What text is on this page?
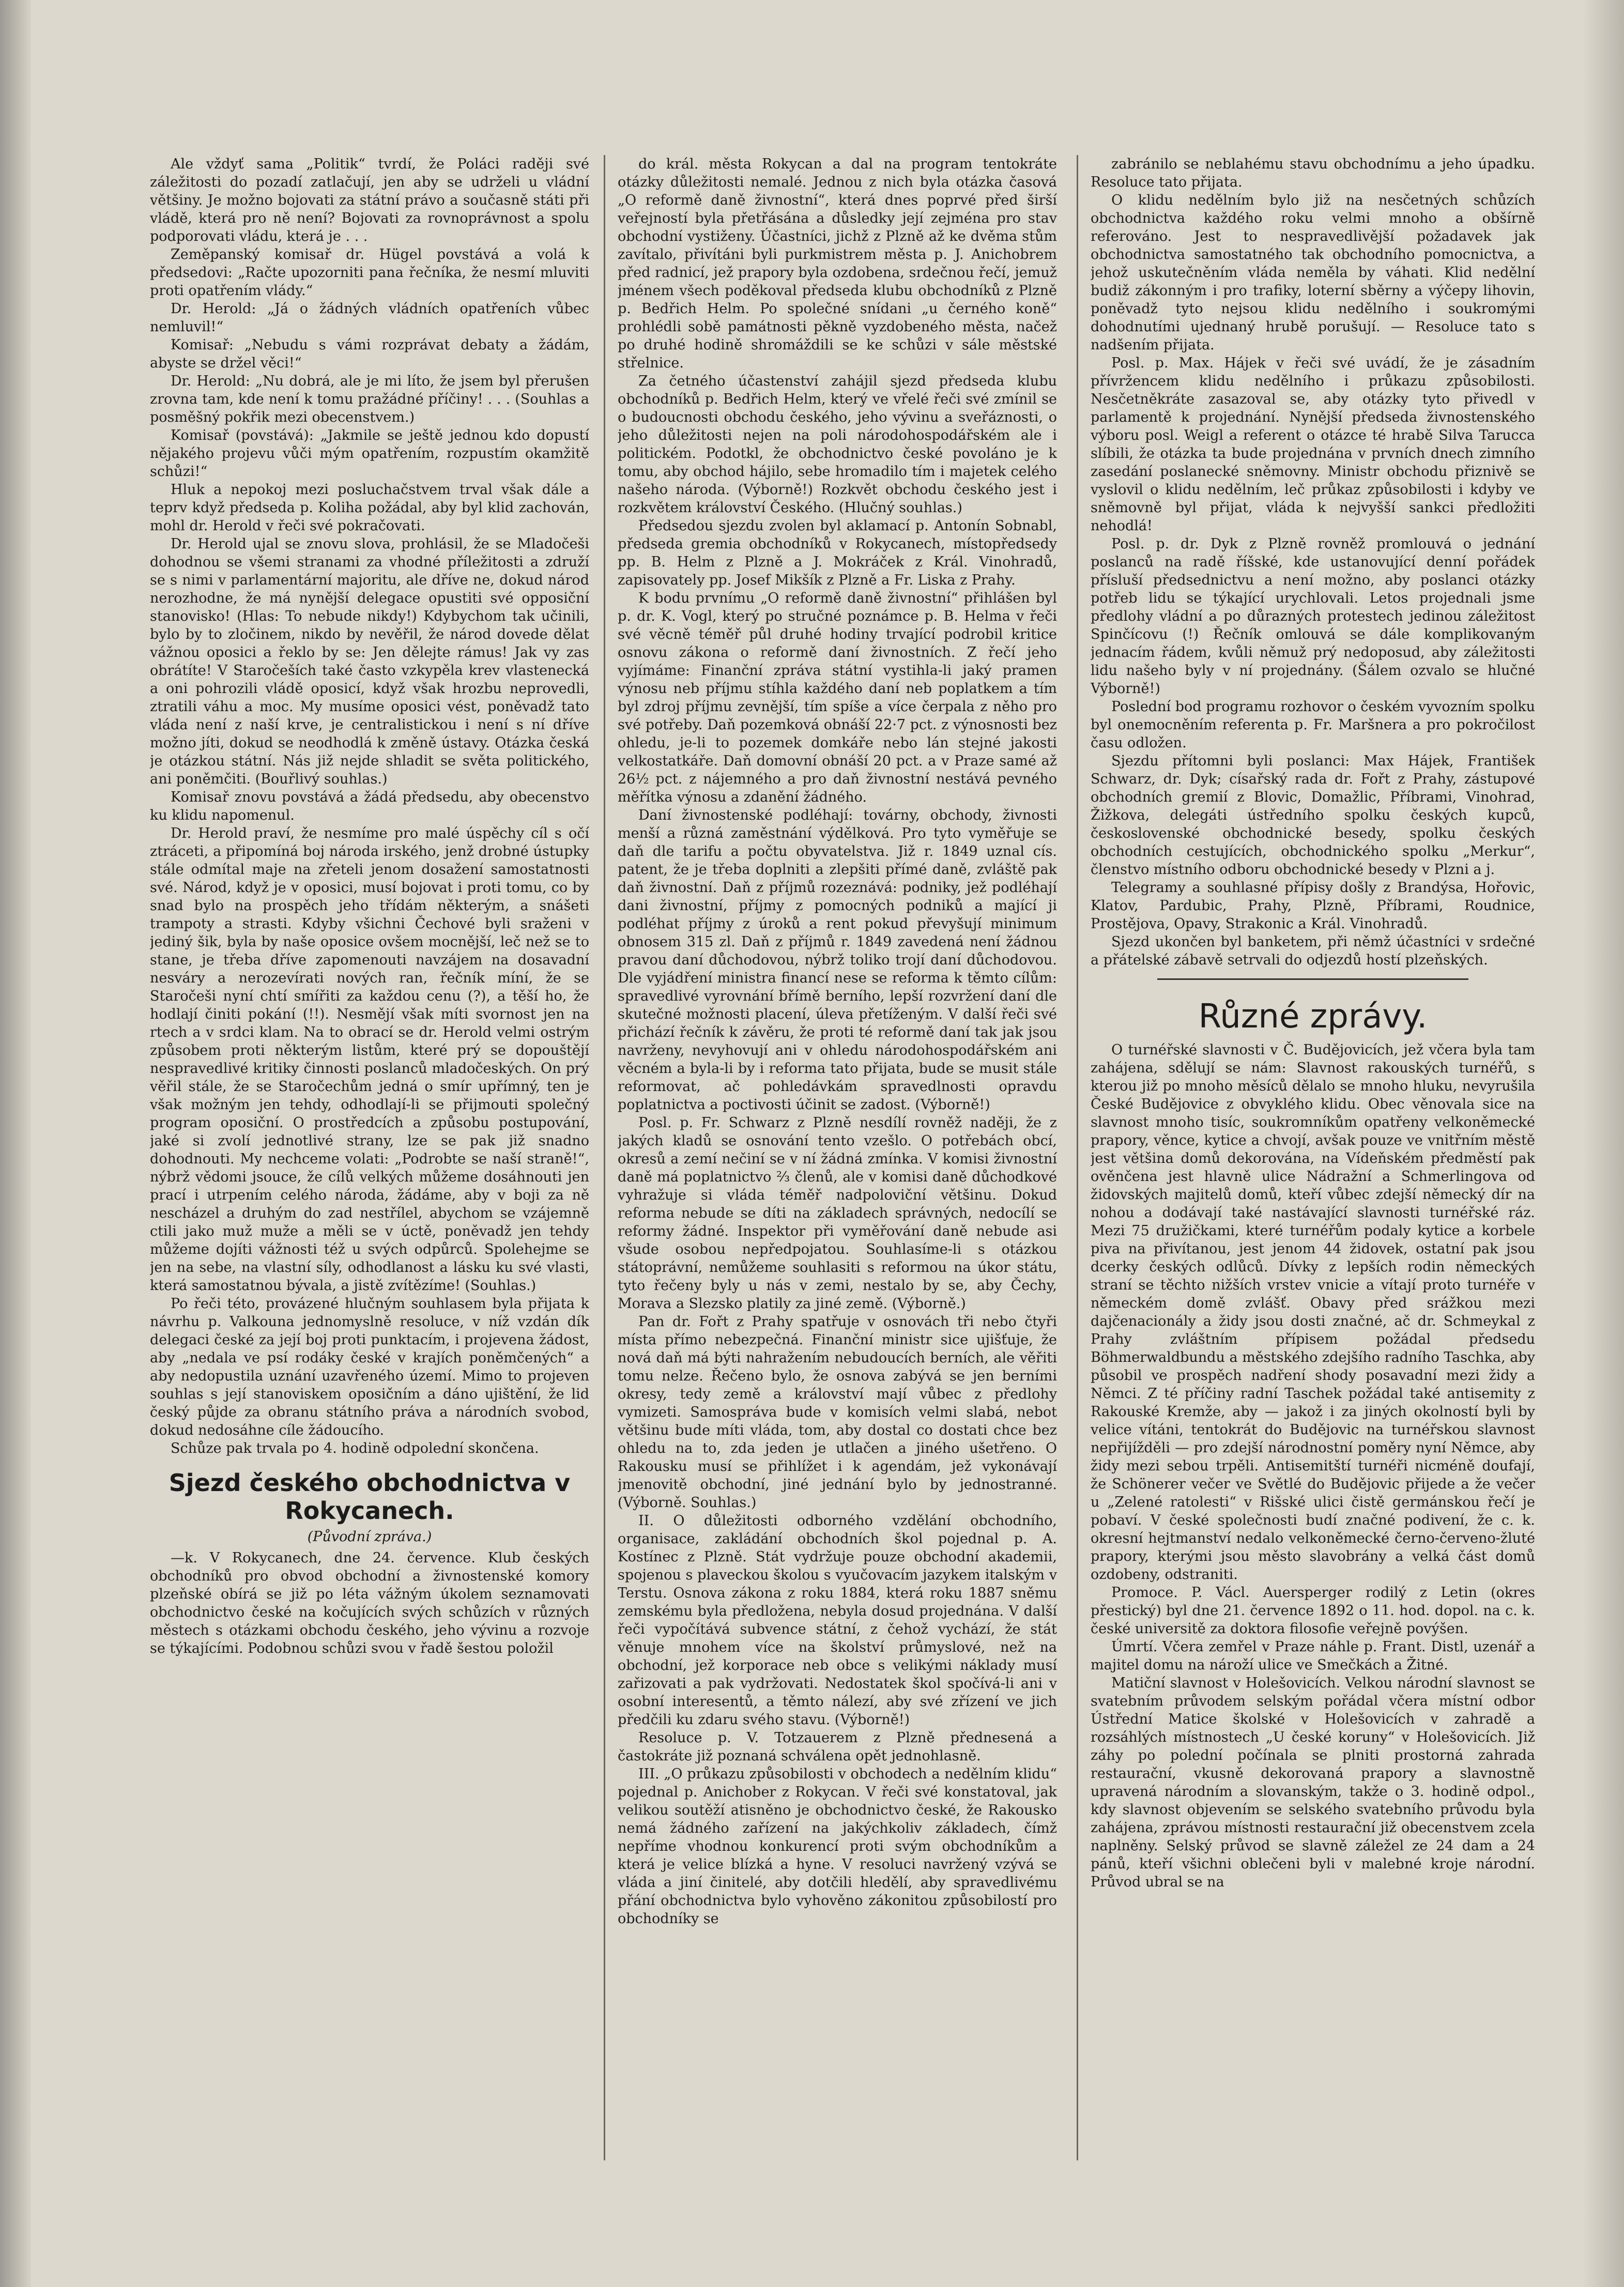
Ale vždyť sama „Politik“ tvrdí, že Poláci raději své záležitosti do pozadí zatlačují, jen aby se udrželi u vládní většiny. Je možno bojovati za státní právo a současně státi při vládě, která pro ně není? Bojovati za rovnoprávnost a spolu podporovati vládu, která je . . .

Zeměpanský komisař dr. Hügel povstává a volá k předsedovi: „Račte upozorniti pana řečníka, že nesmí mluviti proti opatřením vlády.“

Dr. Herold: „Já o žádných vládních opatřeních vůbec nemluvil!“

Komisař: „Nebudu s vámi rozprávat debaty a žádám, abyste se držel věci!“

Dr. Herold: „Nu dobrá, ale je mi líto, že jsem byl přerušen zrovna tam, kde není k tomu pražádné příčiny! . . . (Souhlas a posměšný pokřik mezi obecenstvem.)

Komisař (povstává): „Jakmile se ještě jednou kdo dopustí nějakého projevu vůči mým opatřením, rozpustím okamžitě schůzi!“

Hluk a nepokoj mezi posluchačstvem trval však dále a teprv když předseda p. Koliha požádal, aby byl klid zachován, mohl dr. Herold v řeči své pokračovati.

Dr. Herold ujal se znovu slova, prohlásil, že se Mladočeši dohodnou se všemi stranami za vhodné příležitosti a združí se s nimi v parlamentární majoritu, ale dříve ne, dokud národ nerozhodne, že má nynější delegace opustiti své opposiční stanovisko! (Hlas: To nebude nikdy!) Kdybychom tak učinili, bylo by to zločinem, nikdo by nevěřil, že národ dovede dělat vážnou oposici a řeklo by se: Jen dělejte rámus! Jak vy zas obrátíte! V Staročeších také často vzkypěla krev vlastenecká a oni pohrozili vládě oposicí, když však hrozbu neprovedli, ztratili váhu a moc. My musíme oposici vést, poněvadž tato vláda není z naší krve, je centralistickou i není s ní dříve možno jíti, dokud se neodhodlá k změně ústavy. Otázka česká je otázkou státní. Nás již nejde shladit se světa politického, ani poněmčiti. (Bouřlivý souhlas.)

Komisař znovu povstává a žádá předsedu, aby obecenstvo ku klidu napomenul.

Dr. Herold praví, že nesmíme pro malé úspěchy cíl s očí ztráceti, a připomíná boj národa irského, jenž drobné ústupky stále odmítal maje na zřeteli jenom dosažení samostatnosti své. Národ, když je v oposici, musí bojovat i proti tomu, co by snad bylo na prospěch jeho třídám některým, a snášeti trampoty a strasti. Kdyby všichni Čechové byli sraženi v jediný šik, byla by naše oposice ovšem mocnější, leč než se to stane, je třeba dříve zapomenouti navzájem na dosavadní nesváry a nerozevírati nových ran, řečník míní, že se Staročeši nyní chtí smířiti za každou cenu (?), a těší ho, že hodlají činiti pokání (!!). Nesmějí však míti svornost jen na rtech a v srdci klam. Na to obrací se dr. Herold velmi ostrým způsobem proti některým listům, které prý se dopouštějí nespravedlivé kritiky činnosti poslanců mladočeských. On prý věřil stále, že se Staročechům jedná o smír upřímný, ten je však možným jen tehdy, odhodlají-li se přijmouti společný program oposiční. O prostředcích a způsobu postupování, jaké si zvolí jednotlivé strany, lze se pak již snadno dohodnouti. My nechceme volati: „Podrobte se naší straně!“, nýbrž vědomi jsouce, že cílů velkých můžeme dosáhnouti jen prací i utrpením celého národa, žádáme, aby v boji za ně nescházel a druhým do zad nestřílel, abychom se vzájemně ctili jako muž muže a měli se v úctě, poněvadž jen tehdy můžeme dojíti vážnosti též u svých odpůrců. Spolehejme se jen na sebe, na vlastní síly, odhodlanost a lásku ku své vlasti, která samostatnou bývala, a jistě zvítězíme! (Souhlas.)

Po řeči této, provázené hlučným souhlasem byla přijata k návrhu p. Valkouna jednomyslně resoluce, v níž vzdán dík delegaci české za její boj proti punktacím, i projevena žádost, aby „nedala ve psí rodáky české v krajích poněmčených“ a aby nedopustila uznání uzavřeného území. Mimo to projeven souhlas s její stanoviskem oposičním a dáno ujištění, že lid český půjde za obranu státního práva a národních svobod, dokud nedosáhne cíle žádoucího.

Schůze pak trvala po 4. hodině odpolední skončena.

Sjezd českého obchodnictva v Rokycanech.

(Původní zpráva.)

—k. V Rokycanech, dne 24. července. Klub českých obchodníků pro obvod obchodní a živnostenské komory plzeňské obírá se již po léta vážným úkolem seznamovati obchodnictvo české na kočujících svých schůzích v různých městech s otázkami obchodu českého, jeho vývinu a rozvoje se týkajícími. Podobnou schůzi svou v řadě šestou položil

do král. města Rokycan a dal na program tentokráte otázky důležitosti nemalé. Jednou z nich byla otázka časová „O reformě daně živnostní“, která dnes poprvé před širší veřejností byla přetřásána a důsledky její zejména pro stav obchodní vystiženy. Účastníci, jichž z Plzně až ke dvěma stům zavítalo, přivítáni byli purkmistrem města p. J. Anichobrem před radnicí, jež prapory byla ozdobena, srdečnou řečí, jemuž jménem všech poděkoval předseda klubu obchodníků z Plzně p. Bedřich Helm. Po společné snídani „u černého koně“ prohlédli sobě památnosti pěkně vyzdobeného města, načež po druhé hodině shromáždili se ke schůzi v sále městské střelnice.

Za četného účastenství zahájil sjezd předseda klubu obchodníků p. Bedřich Helm, který ve vřelé řeči své zmínil se o budoucnosti obchodu českého, jeho vývinu a sveřáznosti, o jeho důležitosti nejen na poli národohospodářském ale i politickém. Podotkl, že obchodnictvo české povoláno je k tomu, aby obchod hájilo, sebe hromadilo tím i majetek celého našeho národa. (Výborně!) Rozkvět obchodu českého jest i rozkvětem království Českého. (Hlučný souhlas.)

Předsedou sjezdu zvolen byl aklamací p. Antonín Sobnabl, předseda gremia obchodníků v Rokycanech, místopředsedy pp. B. Helm z Plzně a J. Mokráček z Král. Vinohradů, zapisovately pp. Josef Mikšík z Plzně a Fr. Liska z Prahy.

K bodu prvnímu „O reformě daně živnostní“ přihlášen byl p. dr. K. Vogl, který po stručné poznámce p. B. Helma v řeči své věcně téměř půl druhé hodiny trvající podrobil kritice osnovu zákona o reformě daní živnostních. Z řečí jeho vyjímáme: Finanční zpráva státní vystihla-li jaký pramen výnosu neb příjmu stíhla každého daní neb poplatkem a tím byl zdroj příjmu zevnější, tím spíše a více čerpala z něho pro své potřeby. Daň pozemková obnáší 22·7 pct. z výnosnosti bez ohledu, je-li to pozemek domkáře nebo lán stejné jakosti velkostatkáře. Daň domovní obnáší 20 pct. a v Praze samé až 26½ pct. z nájemného a pro daň živnostní nestává pevného měřítka výnosu a zdanění žádného.

Daní živnostenské podléhají: továrny, obchody, živnosti menší a různá zaměstnání výdělková. Pro tyto vyměřuje se daň dle tarifu a počtu obyvatelstva. Již r. 1849 uznal cís. patent, že je třeba doplniti a zlepšiti přímé daně, zvláště pak daň živnostní. Daň z příjmů rozeznává: podniky, jež podléhají dani živnostní, příjmy z pomocných podniků a mající ji podléhat příjmy z úroků a rent pokud převyšují minimum obnosem 315 zl. Daň z příjmů r. 1849 zavedená není žádnou pravou daní důchodovou, nýbrž toliko trojí daní důchodovou. Dle vyjádření ministra financí nese se reforma k těmto cílům: spravedlivé vyrovnání břímě berního, lepší rozvržení daní dle skutečné možnosti placení, úleva přetíženým. V další řeči své přichází řečník k závěru, že proti té reformě daní tak jak jsou navrženy, nevyhovují ani v ohledu národohospodářském ani věcném a byla-li by i reforma tato přijata, bude se musit stále reformovat, ač pohledávkám spravedlnosti opravdu poplatnictva a poctivosti účinit se zadost. (Výborně!)

Posl. p. Fr. Schwarz z Plzně nesdílí rovněž naději, že z jakých kladů se osnování tento vzešlo. O potřebách obcí, okresů a zemí nečiní se v ní žádná zmínka. V komisi živnostní daně má poplatnictvo ⅔ členů, ale v komisi daně důchodkové vyhražuje si vláda téměř nadpoloviční většinu. Dokud reforma nebude se díti na základech správných, nedocílí se reformy žádné. Inspektor při vyměřování daně nebude asi všude osobou nepředpojatou. Souhlasíme-li s otázkou státoprávní, nemůžeme souhlasiti s reformou na úkor státu, tyto řečeny byly u nás v zemi, nestalo by se, aby Čechy, Morava a Slezsko platily za jiné země. (Výborně.)

Pan dr. Fořt z Prahy spatřuje v osnovách tři nebo čtyři místa přímo nebezpečná. Finanční ministr sice ujišťuje, že nová daň má býti nahražením nebudoucích berních, ale věřiti tomu nelze. Řečeno bylo, že osnova zabývá se jen berními okresy, tedy země a království mají vůbec z předlohy vymizeti. Samospráva bude v komisích velmi slabá, nebot většinu bude míti vláda, tom, aby dostal co dostati chce bez ohledu na to, zda jeden je utlačen a jiného ušetřeno. O Rakousku musí se přihlížet i k agendám, jež vykonávají jmenovitě obchodní, jiné jednání bylo by jednostranné. (Výborně. Souhlas.)

II. O důležitosti odborného vzdělání obchodního, organisace, zakládání obchodních škol pojednal p. A. Kostínec z Plzně. Stát vydržuje pouze obchodní akademii, spojenou s plaveckou školou s vyučovacím jazykem italským v Terstu. Osnova zákona z roku 1884, která roku 1887 sněmu zemskému byla předložena, nebyla dosud projednána. V další řeči vypočítává subvence státní, z čehož vychází, že stát věnuje mnohem více na školství průmyslové, než na obchodní, jež korporace neb obce s velikými náklady musí zařizovati a pak vydržovati. Nedostatek škol spočívá-li ani v osobní interesentů, a těmto nálezí, aby své zřízení ve jich předčili ku zdaru svého stavu. (Výborně!)

Resoluce p. V. Totzauerem z Plzně přednesená a častokráte již poznaná schválena opět jednohlasně.

III. „O průkazu způsobilosti v obchodech a nedělním klidu“ pojednal p. Anichober z Rokycan. V řeči své konstatoval, jak velikou soutěží atisněno je obchodnictvo české, že Rakousko nemá žádného zařízení na jakýchkoliv základech, čímž nepříme vhodnou konkurencí proti svým obchodníkům a která je velice blízká a hyne. V resoluci navržený vzývá se vláda a jiní činitelé, aby dotčili hledělí, aby spravedlivému přání obchodnictva bylo vyhověno zákonitou způsobilostí pro obchodníky se

zabránilo se neblahému stavu obchodnímu a jeho úpadku. Resoluce tato přijata.

O klidu nedělním bylo již na nesčetných schůzích obchodnictva každého roku velmi mnoho a obšírně referováno. Jest to nespravedlivější požadavek jak obchodnictva samostatného tak obchodního pomocnictva, a jehož uskutečněním vláda neměla by váhati. Klid nedělní budiž zákonným i pro trafiky, loterní sběrny a výčepy lihovin, poněvadž tyto nejsou klidu nedělního i soukromými dohodnutími ujednaný hrubě porušují. — Resoluce tato s nadšením přijata.

Posl. p. Max. Hájek v řeči své uvádí, že je zásadním přívržencem klidu nedělního i průkazu způsobilosti. Nesčetněkráte zasazoval se, aby otázky tyto přivedl v parlamentě k projednání. Nynější předseda živnostenského výboru posl. Weigl a referent o otázce té hrabě Silva Tarucca slíbili, že otázka ta bude projednána v prvních dnech zimního zasedání poslanecké sněmovny. Ministr obchodu přiznivě se vyslovil o klidu nedělním, leč průkaz způsobilosti i kdyby ve sněmovně byl přijat, vláda k nejvyšší sankci předložiti nehodlá!

Posl. p. dr. Dyk z Plzně rovněž promlouvá o jednání poslanců na radě říšské, kde ustanovující denní pořádek přísluší předsednictvu a není možno, aby poslanci otázky potřeb lidu se týkající urychlovali. Letos projednali jsme předlohy vládní a po důrazných protestech jedinou záležitost Spinčícovu (!) Řečník omlouvá se dále komplikovaným jednacím řádem, kvůli němuž prý nedoposud, aby záležitosti lidu našeho byly v ní projednány. (Šálem ozvalo se hlučné Výborně!)

Poslední bod programu rozhovor o českém vyvozním spolku byl onemocněním referenta p. Fr. Maršnera a pro pokročilost času odložen.

Sjezdu přítomni byli poslanci: Max Hájek, František Schwarz, dr. Dyk; císařský rada dr. Fořt z Prahy, zástupové obchodních gremií z Blovic, Domažlic, Příbrami, Vinohrad, Žižkova, delegáti ústředního spolku českých kupců, československé obchodnické besedy, spolku českých obchodních cestujících, obchodnického spolku „Merkur“, členstvo místního odboru obchodnické besedy v Plzni a j.

Telegramy a souhlasné přípisy došly z Brandýsa, Hořovic, Klatov, Pardubic, Prahy, Plzně, Příbrami, Roudnice, Prostějova, Opavy, Strakonic a Král. Vinohradů.

Sjezd ukončen byl banketem, při němž účastníci v srdečné a přátelské zábavě setrvali do odjezdů hostí plzeňských.

Různé zprávy.

O turnéřské slavnosti v Č. Budějovicích, jež včera byla tam zahájena, sdělují se nám: Slavnost rakouských turnéřů, s kterou již po mnoho měsíců dělalo se mnoho hluku, nevyrušila České Budějovice z obvyklého klidu. Obec věnovala sice na slavnost mnoho tisíc, soukromníkům opatřeny velkoněmecké prapory, věnce, kytice a chvojí, avšak pouze ve vnitřním městě jest většina domů dekorována, na Vídeňském předměstí pak ověnčena jest hlavně ulice Nádražní a Schmerlingova od židovských majitelů domů, kteří vůbec zdejší německý dír na nohou a dodávají také nastávající slavnosti turnéřské ráz. Mezi 75 družičkami, které turnéřům podaly kytice a korbele piva na přivítanou, jest jenom 44 židovek, ostatní pak jsou dcerky českých odlůců. Dívky z lepších rodin německých straní se těchto nižších vrstev vnicie a vítají proto turnéře v německém domě zvlášť. Obavy před srážkou mezi dajčenacionály a židy jsou dosti značné, ač dr. Schmeykal z Prahy zvláštním přípisem požádal předsedu Böhmerwaldbundu a městského zdejšího radního Taschka, aby působil ve prospěch nadření shody posavadní mezi židy a Němci. Z té příčiny radní Taschek požádal také antisemity z Rakouské Kremže, aby — jakož i za jiných okolností byli by velice vítáni, tentokrát do Budějovic na turnéřskou slavnost nepřijížděli — pro zdejší národnostní poměry nyní Němce, aby židy mezi sebou trpěli. Antisemitští turnéři nicméně doufají, že Schönerer večer ve Světlé do Budějovic přijede a že večer u „Zelené ratolesti“ v Rišské ulici čistě germánskou řečí je pobaví. V české společnosti budí značné podivení, že c. k. okresní hejtmanství nedalo velkoněmecké černo-červeno-žluté prapory, kterými jsou město slavobrány a velká část domů ozdobeny, odstraniti.

Promoce. P. Václ. Auersperger rodilý z Letin (okres přestický) byl dne 21. července 1892 o 11. hod. dopol. na c. k. české universitě za doktora filosofie veřejně povýšen.

Úmrtí. Včera zemřel v Praze náhle p. Frant. Distl, uzenář a majitel domu na nároží ulice ve Smečkách a Žitné.

Matiční slavnost v Holešovicích. Velkou národní slavnost se svatebním průvodem selským pořádal včera místní odbor Ústřední Matice školské v Holešovicích v zahradě a rozsáhlých místnostech „U české koruny“ v Holešovicích. Již záhy po polední počínala se plniti prostorná zahrada restaurační, vkusně dekorovaná prapory a slavnostně upravená národním a slovanským, takže o 3. hodině odpol., kdy slavnost objevením se selského svatebního průvodu byla zahájena, zprávou místnosti restaurační již obecenstvem zcela naplněny. Selský průvod se slavně záležel ze 24 dam a 24 pánů, kteří všichni oblečeni byli v malebné kroje národní. Průvod ubral se na
